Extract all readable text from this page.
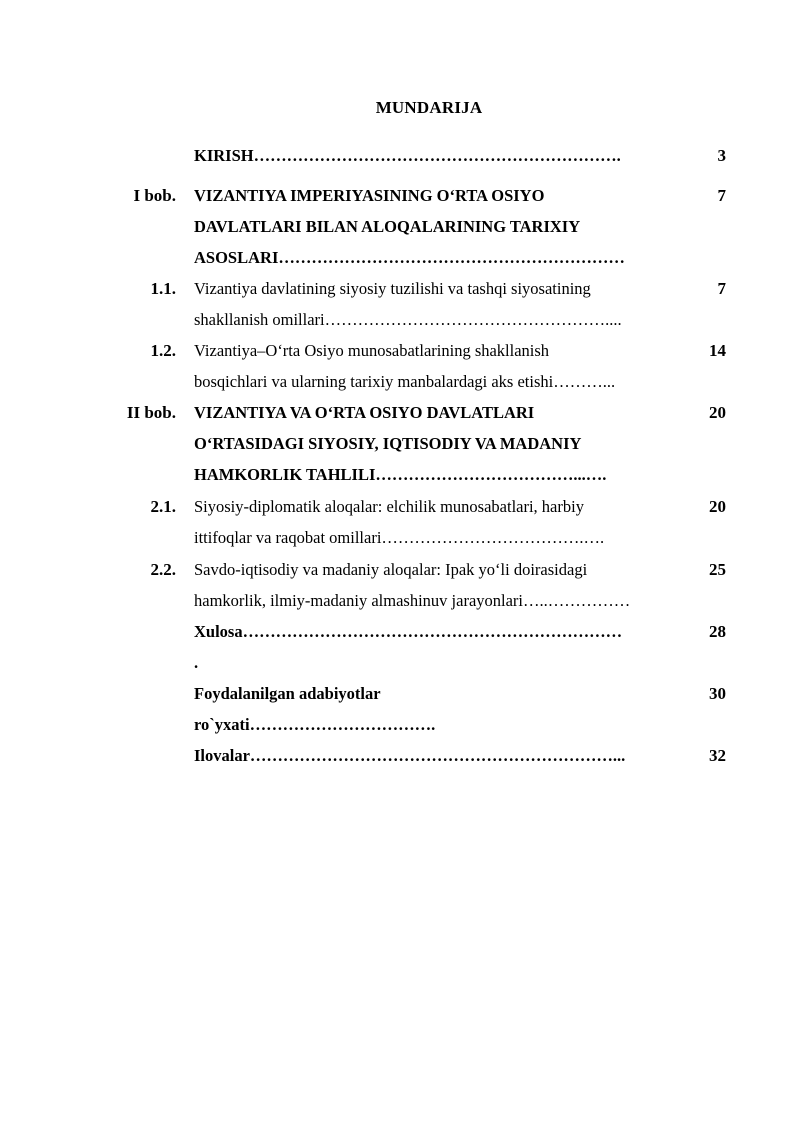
MUNDARIJA
KIRISH………………………………………………………….	3
I bob. VIZANTIYA IMPERIYASINING O‘RTA OSIYO
DAVLATLARI BILAN ALOQALARINING TARIXIY
ASOSLARI………………………………………………………
7
1.1. Vizantiya davlatining siyosiy tuzilishi va tashqi siyosatining
shakllanish omillari……………………………………………....
7
1.2. Vizantiya–O‘rta Osiyo munosabatlarining shakllanish
bosqichlari va ularning tarixiy manbalardagi aks etishi………...
14
II bob. VIZANTIYA VA O‘RTA OSIYO DAVLATLARI
O‘RTASIDAGI SIYOSIY, IQTISODIY VA MADANIY
HAMKORLIK TAHLILI………………………………...….
20
2.1. Siyosiy-diplomatik aloqalar: elchilik munosabatlari, harbiy
ittifoqlar va raqobat omillari……………………………….….
20
2.2. Savdo-iqtisodiy va madaniy aloqalar: Ipak yo‘li doirasidagi
hamkorlik, ilmiy-madaniy almashinuv jarayonlari…..……………
25
Xulosa……………………………………………………………
.
28
Foydalanilgan adabiyotlar
ro`yxati…………………………….
30
Ilovalar…………………………………………………………...	32
